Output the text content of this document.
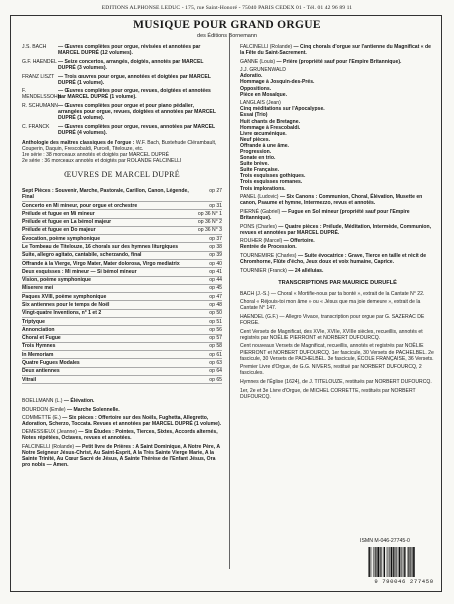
EDITIONS ALPHONSE LEDUC - 175, rue Saint-Honoré - 75040 PARIS CEDEX 01 - Tél. 01 42 96 89 11
MUSIQUE POUR GRAND ORGUE
des Éditions Bornemann
J.S. BACH — Œuvres complètes pour orgue, révisées et annotées par MARCEL DUPRÉ (12 volumes).
G.F. HAENDEL— Seize concertos, arrangés, doigtés, annotés par MARCEL DUPRÉ (3 volumes).
FRANZ LISZT — Trois œuvres pour orgue, annotées et doigtées par MARCEL DUPRÉ (1 volume).
F. MENDELSSOHN— Œuvres complètes pour orgue, revues, doigtées et annotées par MARCEL DUPRÉ (1 volume).
R. SCHUMANN— Œuvres complètes pour orgue et pour piano pédalier, arrangées pour orgue, revues, doigtées et annotées par MARCEL DUPRÉ (1 volume).
C. FRANCK — Œuvres complètes pour orgue, revues, annotées par MARCEL DUPRÉ (4 volumes).
Anthologie des maîtres classiques de l'orgue : W.F. Bach, Buxtehude Clérambault, Couperin, Daquin, Frescobaldi, Purcell, Titelouze, etc.
1re série : 38 morceaux annotés et doigtés par MARCEL DUPRÉ
2e série : 36 morceaux annotés et doigtés par ROLANDE FALCINELLI
ŒUVRES DE MARCEL DUPRÉ
Sept Pièces : Souvenir, Marche, Pastorale, Carillon, Canon, Légende, Final
op 27
Concerto en Mi mineur, pour orgue et orchestre	op 31
Prélude et fugue en Mi mineur	op 36 N° 1
Prélude et fugue en La bémol majeur	op 36 N° 2
Prélude et fugue en Do majeur	op 36 N° 3
Évocation, poème symphonique	op 37
Le Tombeau de Titelouze, 16 chorals sur des hymnes liturgiques	op 38
Suite, allegro agitato, cantabile, scherzando, final	op 39
Offrande à la Vierge, Virgo Mater, Mater dolorosa, Virgo mediatrix	op 40
Deux esquisses : Mi mineur — Si bémol mineur	op 41
Vision, poème symphonique	op 44
Miserere mei	op 45
Paques XVIII, poème symphonique	op 47
Six antiennes pour le temps de Noël	op 48
Vingt-quatre Inventions, n° 1 et 2	op 50
Triptyque	op 51
Annonciation	op 56
Choral et Fugue	op 57
Trois Hymnes	op 58
In Memoriam	op 61
Quatre Fugues Modales	op 63
Deux antiennes	op 64
Vitrail	op 65
BOELLMANN (L.) — Élévation.
BOURDON (Emile) — Marche Solennelle.
COMMETTE (E.) — Six pièces : Offertoire sur des Noëls, Fughetta, Allegretto, Adoration, Scherzo, Toccata. Revues et annotées par MARCEL DUPRÉ (1 volume).
DEMESSIEUX (Jeanne) — Six Études : Pointes, Tierces, Sixtes, Accords alternés, Notes répétées, Octaves, revues et annotées.
FALCINELLI (Rolande) — Petit livre de Prières : A Saint Dominique, A Notre Père, A Notre Seigneur Jésus-Christ, Au Saint-Esprit, A la Très Sainte Vierge Marie, A la Sainte Trinité, Au Cœur Sacré de Jésus, A Sainte Thérèse de l'Enfant Jésus, Ora pro nobis — Amen.
FALCINELLI (Rolande) — Cinq chorals d'orgue sur l'antienne du Magnificat « de la Fête du Saint-Sacrement.
GANNE (Louis) — Prière (propriété sauf pour l'Empire Britannique).
J.J. GRUNENWALD
Adoratio.
Hommage à Josquin-des-Prés.
Oppositions.
Pièce en Mosaïque.
LANGLAIS (Jean)
Cinq méditations sur l'Apocalypse.
Essai (Trio)
Huit chants de Bretagne.
Hommage à Frescobaldi.
Livre œcuménique.
Neuf pièces.
Offrande à une âme.
Progression.
Sonate en trio.
Suite brève.
Suite Française.
Trois esquisses gothiques.
Trois esquisses romanes.
Trois implorations.
PANEL (Ludovic) — Six Canons : Communion, Choral, Élévation, Musette en canon, Psaume et hymne, Intermezzo, revus et annotés.
PIERNÉ (Gabriel) — Fugue en Sol mineur (propriété sauf pour l'Empire Britannique).
PONS (Charles) — Quatre pièces : Prélude, Méditation, Intermède, Communion, revues et annotées par MARCEL DUPRÉ.
ROUHER (Marcel) — Offertoire.
Rentrée de Procession.
TOURNEMIRE (Charles) — Suite évocatrice : Grave, Tierce en taille et récit de Chromhorne, Flûte d'écho, Jeux doux et voix humaine, Caprice.
TOURNIER (Franck) — 24 alléluias.
TRANSCRIPTIONS PAR MAURICE DURUFLÉ
BACH (J.-S.) — Choral « Mortifie-nous par ta bonté », extrait de la Cantate N° 22.
Choral « Réjouis-toi mon âme » ou « Jésus que ma joie demeure », extrait de la Cantate N° 147.
HAENDEL (G.F.) — Allegro Vivace, transcription pour orgue par G. SAZERAC DE FORGE.
Cent Versets de Magnificat, des XVIe, XVIIe, XVIIIe siècles, recueillis, annotés et registrés par NOËLIE PIERRONT et NORBERT DUFOURCQ.
Cent nouveaux Versets de Magnificat, recueillis, annotés et registrés par NOËLIE PIERRONT et NORBERT DUFOURCQ. 1er fascicule, 30 Versets de PACHELBEL. 2e fascicule, 30 Versets de PACHELBEL. 3e fascicule, ÉCOLE FRANÇAISE, 36 Versets.
Premier Livre d'Orgue, de G.G. NIVERS, restitué par NORBERT DUFOURCQ, 2 fascicules.
Hymnes de l'Église (1624), de J. TITELOUZE, restitués par NORBERT DUFOURCQ.
1er, 2e et 3e Livre d'Orgue, de MICHEL CORRETTE, restitués par NORBERT DUFOURCQ.
ISMN M-046-27745-0
9 790046 277450
